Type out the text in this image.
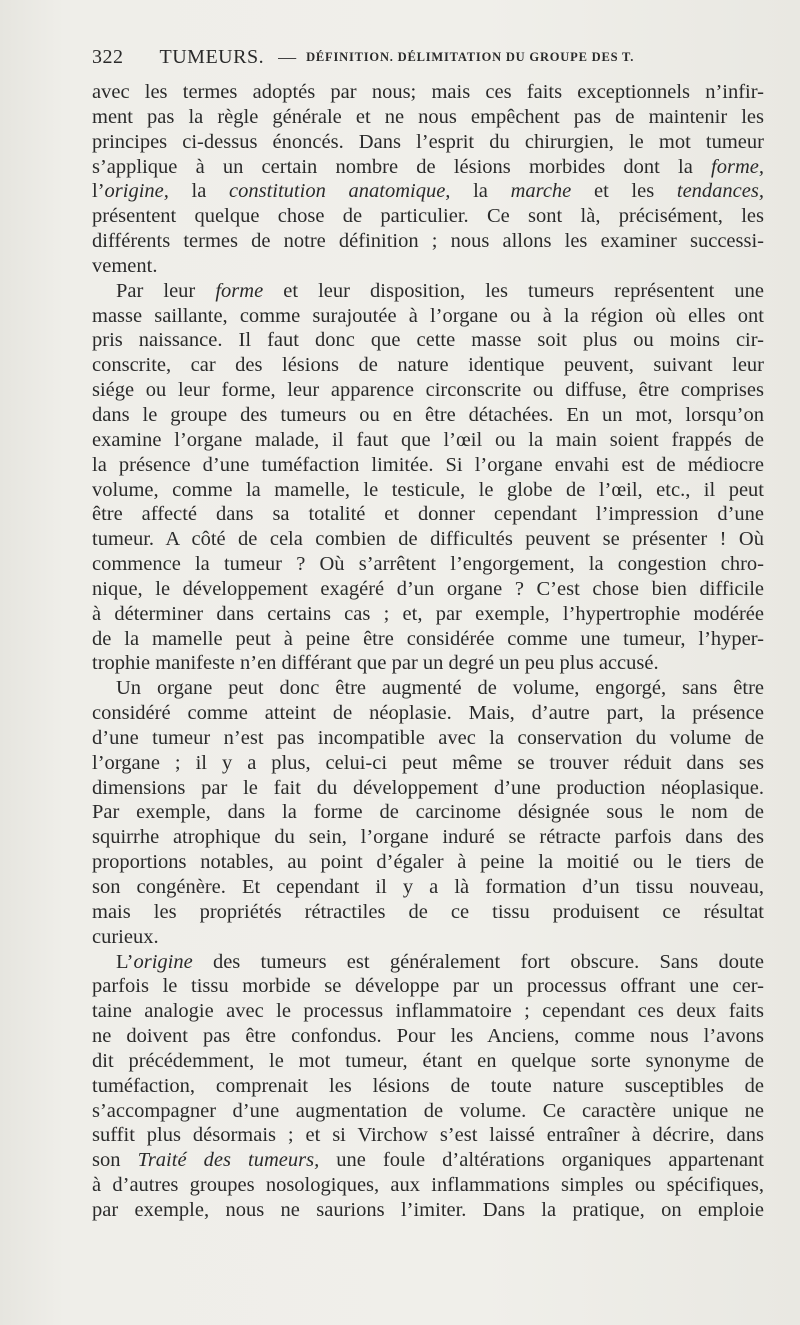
322 TUMEURS. — DÉFINITION. DÉLIMITATION DU GROUPE DES T.
avec les termes adoptés par nous; mais ces faits exceptionnels n’infir-
ment pas la règle générale et ne nous empêchent pas de maintenir les
principes ci-dessus énoncés. Dans l’esprit du chirurgien, le mot tumeur
s’applique à un certain nombre de lésions morbides dont la forme,
l’origine, la constitution anatomique, la marche et les tendances,
présentent quelque chose de particulier. Ce sont là, précisément, les
différents termes de notre définition ; nous allons les examiner successi-
vement.
Par leur forme et leur disposition, les tumeurs représentent une
masse saillante, comme surajoutée à l’organe ou à la région où elles ont
pris naissance. Il faut donc que cette masse soit plus ou moins cir-
conscrite, car des lésions de nature identique peuvent, suivant leur
siége ou leur forme, leur apparence circonscrite ou diffuse, être comprises
dans le groupe des tumeurs ou en être détachées. En un mot, lorsqu’on
examine l’organe malade, il faut que l’œil ou la main soient frappés de
la présence d’une tuméfaction limitée. Si l’organe envahi est de médiocre
volume, comme la mamelle, le testicule, le globe de l’œil, etc., il peut
être affecté dans sa totalité et donner cependant l’impression d’une
tumeur. A côté de cela combien de difficultés peuvent se présenter ! Où
commence la tumeur ? Où s’arrêtent l’engorgement, la congestion chro-
nique, le développement exagéré d’un organe ? C’est chose bien difficile
à déterminer dans certains cas ; et, par exemple, l’hypertrophie modérée
de la mamelle peut à peine être considérée comme une tumeur, l’hyper-
trophie manifeste n’en différant que par un degré un peu plus accusé.
Un organe peut donc être augmenté de volume, engorgé, sans être
considéré comme atteint de néoplasie. Mais, d’autre part, la présence
d’une tumeur n’est pas incompatible avec la conservation du volume de
l’organe ; il y a plus, celui-ci peut même se trouver réduit dans ses
dimensions par le fait du développement d’une production néoplasique.
Par exemple, dans la forme de carcinome désignée sous le nom de
squirrhe atrophique du sein, l’organe induré se rétracte parfois dans des
proportions notables, au point d’égaler à peine la moitié ou le tiers de
son congénère. Et cependant il y a là formation d’un tissu nouveau,
mais les propriétés rétractiles de ce tissu produisent ce résultat
curieux.
L’origine des tumeurs est généralement fort obscure. Sans doute
parfois le tissu morbide se développe par un processus offrant une cer-
taine analogie avec le processus inflammatoire ; cependant ces deux faits
ne doivent pas être confondus. Pour les Anciens, comme nous l’avons
dit précédemment, le mot tumeur, étant en quelque sorte synonyme de
tuméfaction, comprenait les lésions de toute nature susceptibles de
s’accompagner d’une augmentation de volume. Ce caractère unique ne
suffit plus désormais ; et si Virchow s’est laissé entraîner à décrire, dans
son Traité des tumeurs, une foule d’altérations organiques appartenant
à d’autres groupes nosologiques, aux inflammations simples ou spécifiques,
par exemple, nous ne saurions l’imiter. Dans la pratique, on emploie
